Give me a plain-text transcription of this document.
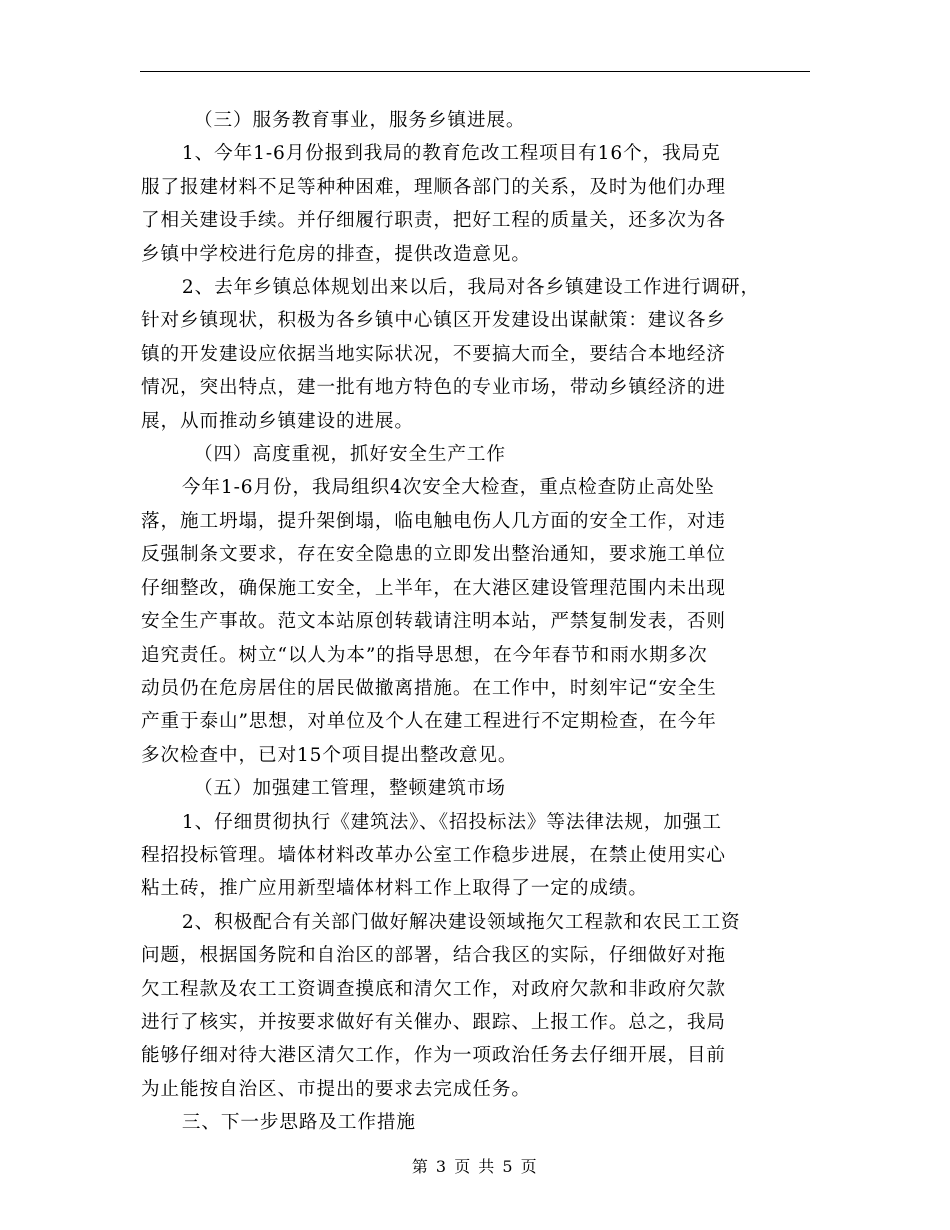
（三）服务教育事业，服务乡镇进展。

1、今年1-6月份报到我局的教育危改工程项目有16个，我局克
服了报建材料不足等种种困难，理顺各部门的关系，及时为他们办理
了相关建设手续。并仔细履行职责，把好工程的质量关，还多次为各
乡镇中学校进行危房的排查，提供改造意见。

2、去年乡镇总体规划出来以后，我局对各乡镇建设工作进行调研，
针对乡镇现状，积极为各乡镇中心镇区开发建设出谋献策：建议各乡
镇的开发建设应依据当地实际状况，不要搞大而全，要结合本地经济
情况，突出特点，建一批有地方特色的专业市场，带动乡镇经济的进
展，从而推动乡镇建设的进展。

（四）高度重视，抓好安全生产工作

今年1-6月份，我局组织4次安全大检查，重点检查防止高处坠
落，施工坍塌，提升架倒塌，临电触电伤人几方面的安全工作，对违
反强制条文要求，存在安全隐患的立即发出整治通知，要求施工单位
仔细整改，确保施工安全，上半年，在大港区建设管理范围内未出现
安全生产事故。范文本站原创转载请注明本站，严禁复制发表，否则
追究责任。树立“以人为本”的指导思想，在今年春节和雨水期多次
动员仍在危房居住的居民做撤离措施。在工作中，时刻牢记“安全生
产重于泰山”思想，对单位及个人在建工程进行不定期检查，在今年
多次检查中，已对15个项目提出整改意见。

（五）加强建工管理，整顿建筑市场

1、仔细贯彻执行《建筑法》、《招投标法》等法律法规，加强工
程招投标管理。墙体材料改革办公室工作稳步进展，在禁止使用实心
粘土砖，推广应用新型墙体材料工作上取得了一定的成绩。

2、积极配合有关部门做好解决建设领域拖欠工程款和农民工工资
问题，根据国务院和自治区的部署，结合我区的实际，仔细做好对拖
欠工程款及农工工资调查摸底和清欠工作，对政府欠款和非政府欠款
进行了核实，并按要求做好有关催办、跟踪、上报工作。总之，我局
能够仔细对待大港区清欠工作，作为一项政治任务去仔细开展，目前
为止能按自治区、市提出的要求去完成任务。

三、下一步思路及工作措施

第 3 页 共 5 页
